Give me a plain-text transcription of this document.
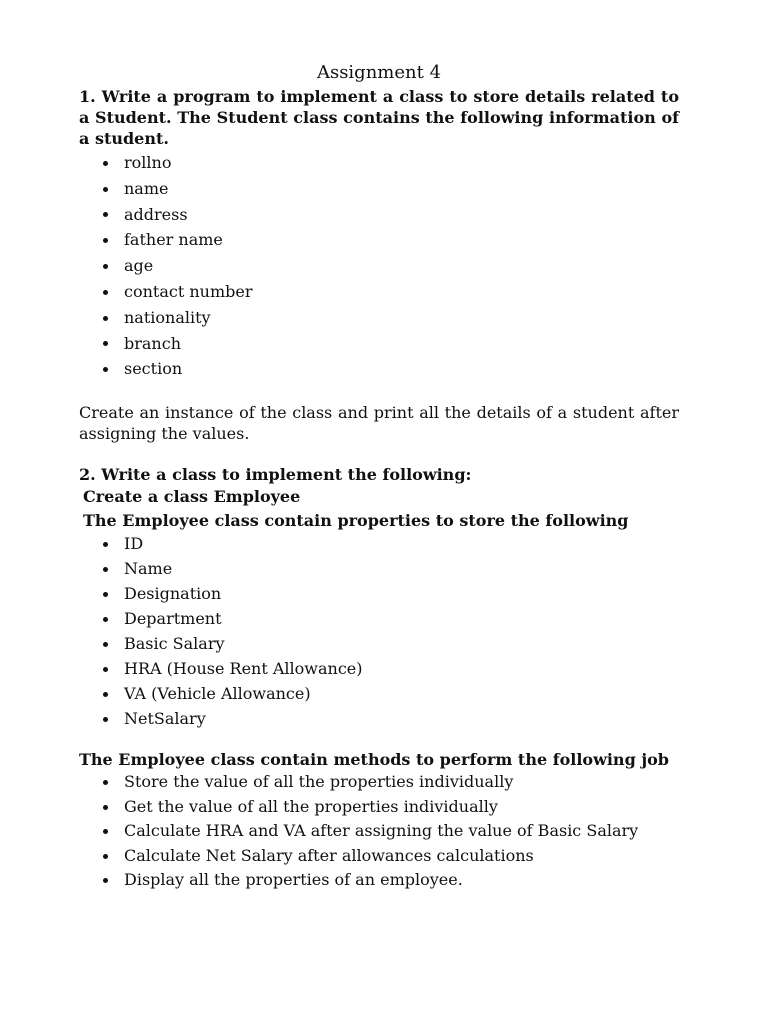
Assignment 4

1. Write a program to implement a class to store details related to a Student. The Student class contains the following information of a student.

rollno
name
address
father name
age
contact number
nationality
branch
section

Create an instance of the class and print all the details of a student after assigning the values.

2. Write a class to implement the following:

Create a class Employee

The Employee class contain properties to store the following

ID
Name
Designation
Department
Basic Salary
HRA (House Rent Allowance)
VA (Vehicle Allowance)
NetSalary

The Employee class contain methods to perform the following job

Store the value of all the properties individually
Get the value of all the properties individually
Calculate HRA and VA after assigning the value of Basic Salary
Calculate Net Salary after allowances calculations
Display all the properties of an employee.
